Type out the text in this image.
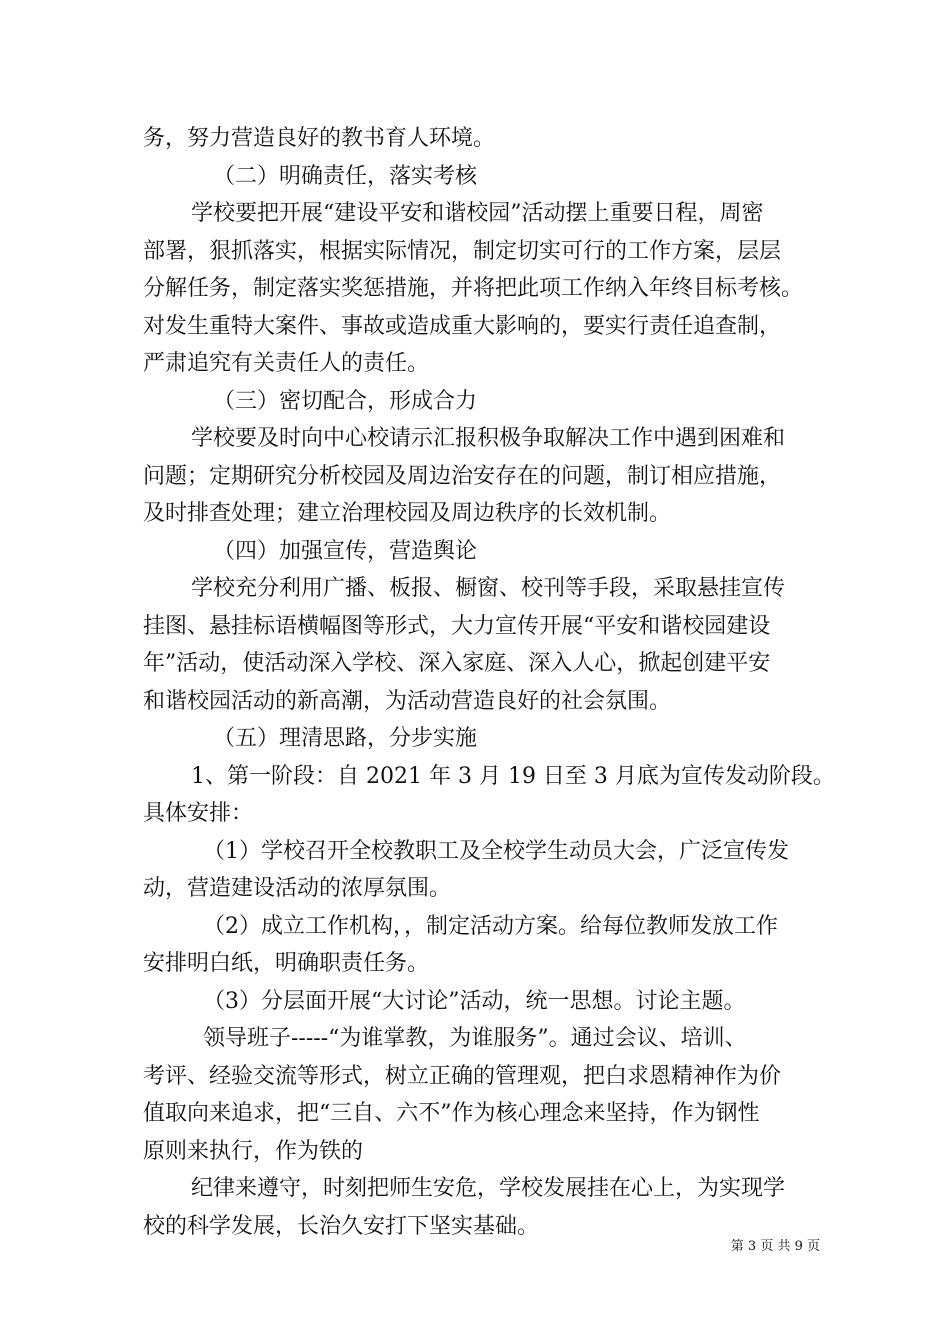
务，努力营造良好的教书育人环境。
（二）明确责任，落实考核
学校要把开展“建设平安和谐校园”活动摆上重要日程，周密
部署，狠抓落实，根据实际情况，制定切实可行的工作方案，层层
分解任务，制定落实奖惩措施，并将把此项工作纳入年终目标考核。
对发生重特大案件、事故或造成重大影响的，要实行责任追查制，
严肃追究有关责任人的责任。
（三）密切配合，形成合力
学校要及时向中心校请示汇报积极争取解决工作中遇到困难和
问题；定期研究分析校园及周边治安存在的问题，制订相应措施，
及时排查处理；建立治理校园及周边秩序的长效机制。
（四）加强宣传，营造舆论
学校充分利用广播、板报、橱窗、校刊等手段，采取悬挂宣传
挂图、悬挂标语横幅图等形式，大力宣传开展“平安和谐校园建设
年”活动，使活动深入学校、深入家庭、深入人心，掀起创建平安
和谐校园活动的新高潮，为活动营造良好的社会氛围。
（五）理清思路，分步实施
1、第一阶段：自 2021 年 3 月 19 日至 3 月底为宣传发动阶段。
具体安排：
（1）学校召开全校教职工及全校学生动员大会，广泛宣传发
动，营造建设活动的浓厚氛围。
（2）成立工作机构，，制定活动方案。给每位教师发放工作
安排明白纸，明确职责任务。
（3）分层面开展“大讨论”活动，统一思想。讨论主题。
领导班子-----“为谁掌教，为谁服务”。通过会议、培训、
考评、经验交流等形式，树立正确的管理观，把白求恩精神作为价
值取向来追求，把“三自、六不”作为核心理念来坚持，作为钢性
原则来执行，作为铁的
纪律来遵守，时刻把师生安危，学校发展挂在心上，为实现学
校的科学发展，长治久安打下坚实基础。
第 3 页 共 9 页
